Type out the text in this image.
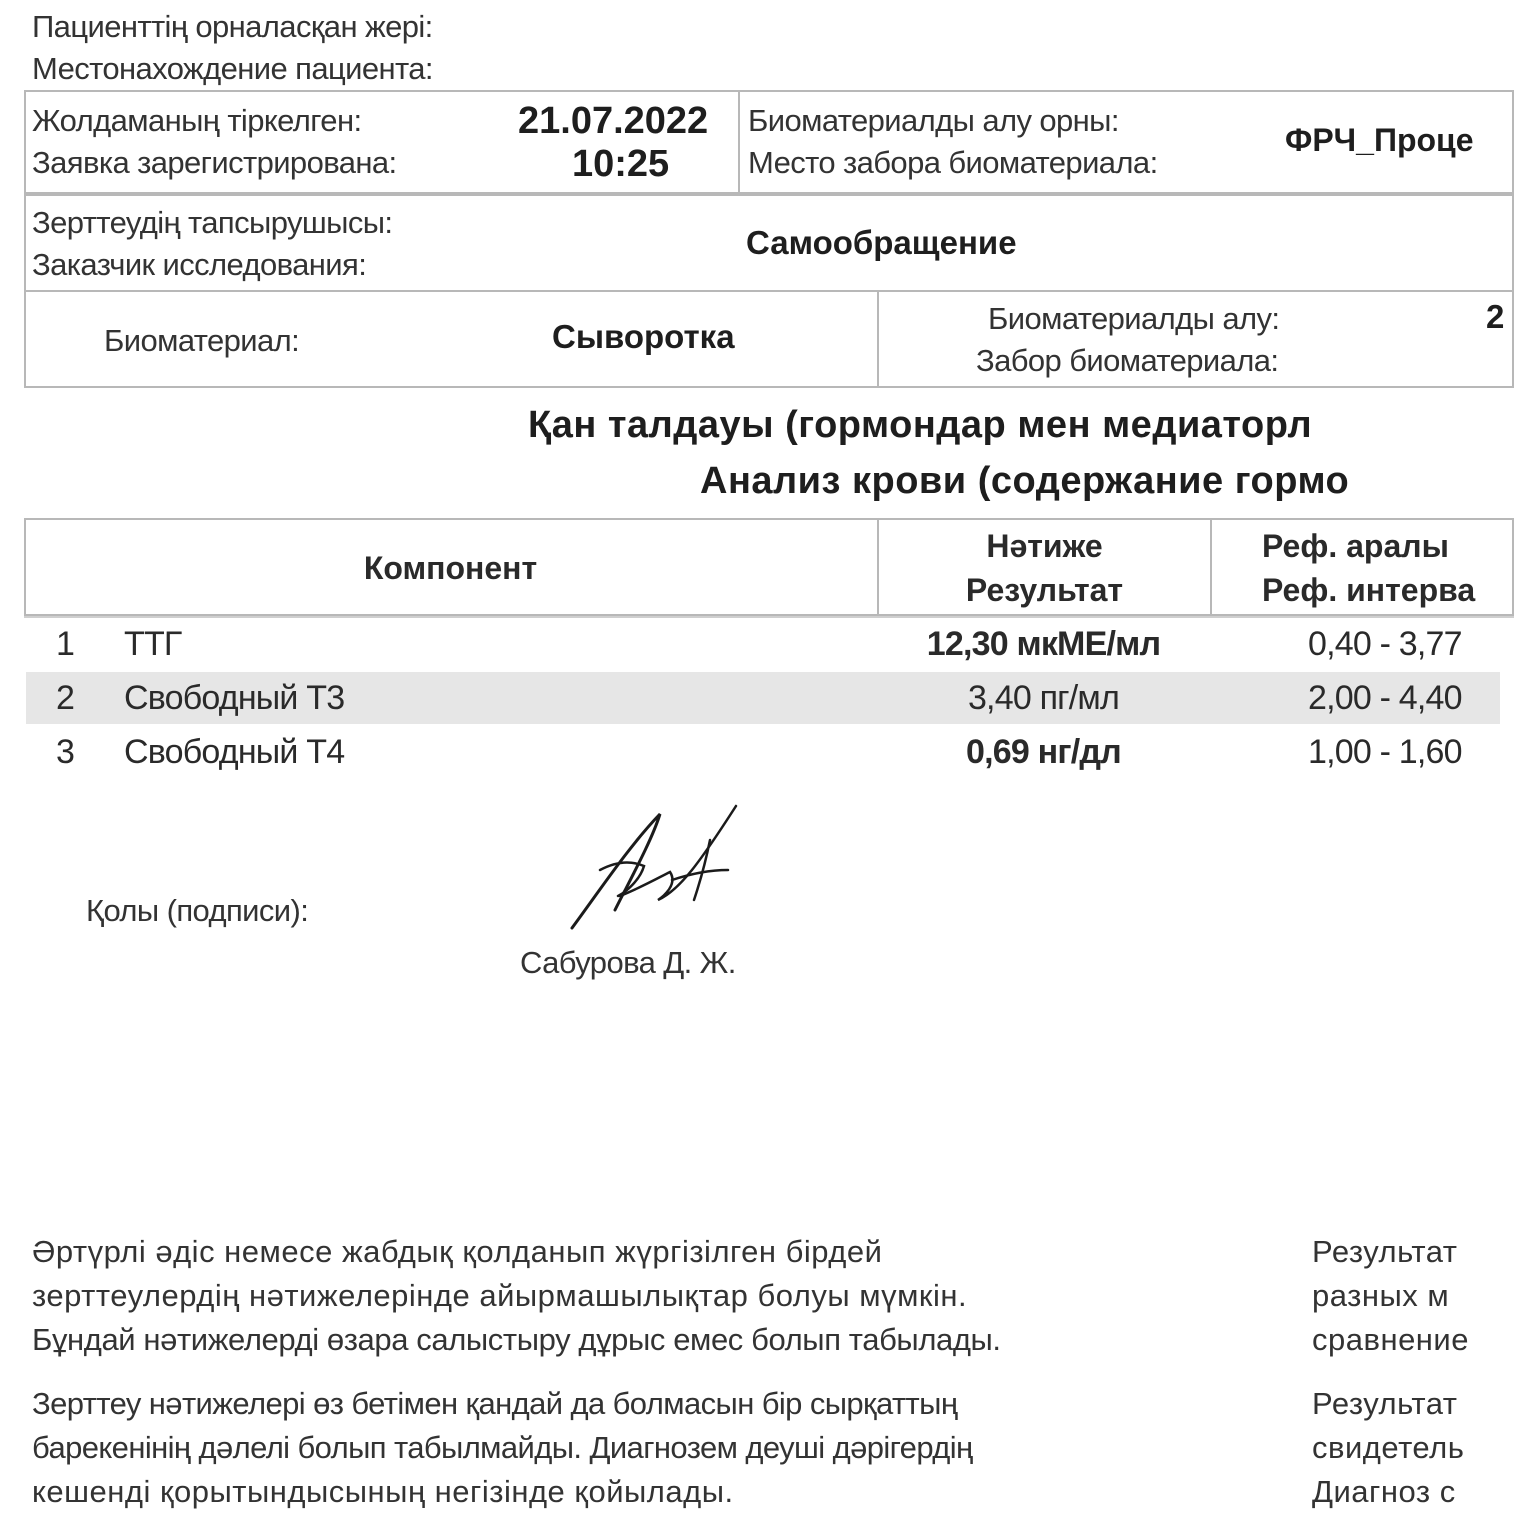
Пациенттің орналасқан жері:
Местонахождение пациента:
Жолдаманың тіркелген:
Заявка зарегистрирована:
21.07.2022
10:25
Биоматериалды алу орны:
Место забора биоматериала:
ФРЧ_Проце
Зерттеудің тапсырушысы:
Заказчик исследования:
Самообращение
Биоматериал:	Сыворотка	Биоматериалды алу:
Забор биоматериала:
2
Қан талдауы (гормондар мен медиаторл
Анализ крови (содержание гормо
Компонент
Нәтиже
Результат
Реф. аралы
Реф. интерва
1 ТТГ	12,30 мкМЕ/мл	0,40 - 3,77
2 Свободный Т3	3,40 пг/мл	2,00 - 4,40
3 Свободный Т4	0,69 нг/дл	1,00 - 1,60
Қолы (подписи):
Сабурова Д. Ж.
Әртүрлі әдіс немесе жабдық қолданып жүргізілген бірдей
зерттеулердің нәтижелерінде айырмашылықтар болуы мүмкін.
Бұндай нәтижелерді өзара салыстыру дұрыс емес болып табылады.
Зерттеу нәтижелері өз бетімен қандай да болмасын бір сырқаттың
барекенінің дәлелі болып табылмайды. Диагнозем деуші дәрігердің
кешенді қорытындысының негізінде қойылады.
Результат
разных м
сравнение
Результат
свидетель
Диагноз с
